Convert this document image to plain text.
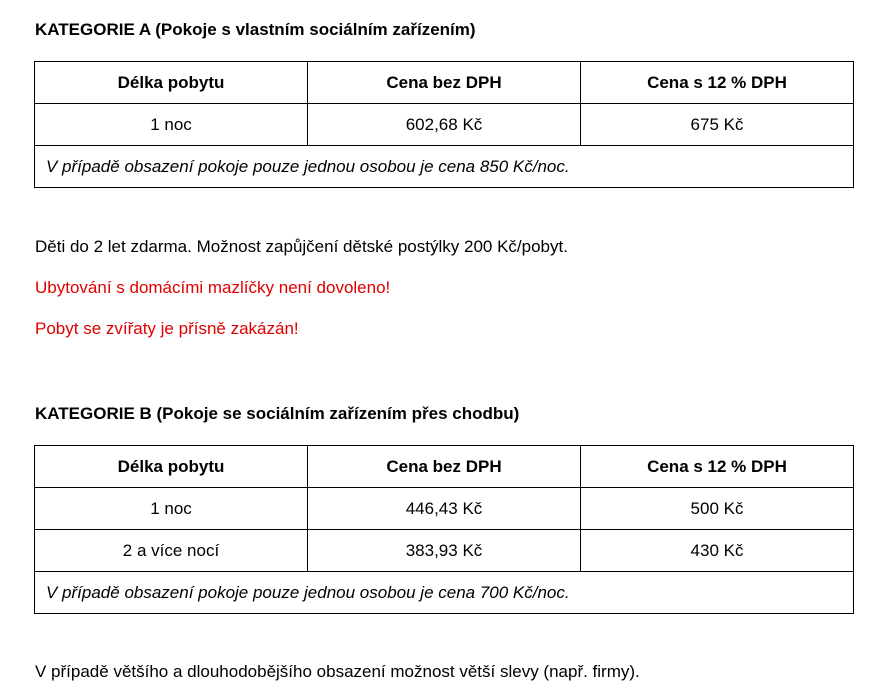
KATEGORIE A (Pokoje s vlastním sociálním zařízením)
Délka pobytu	Cena bez DPH	Cena s 12 % DPH
1 noc	602,68 Kč	675 Kč
V případě obsazení pokoje pouze jednou osobou je cena 850 Kč/noc.		
Děti do 2 let zdarma. Možnost zapůjčení dětské postýlky 200 Kč/pobyt.
Ubytování s domácími mazlíčky není dovoleno!
Pobyt se zvířaty je přísně zakázán!
KATEGORIE B (Pokoje se sociálním zařízením přes chodbu)
Délka pobytu	Cena bez DPH	Cena s 12 % DPH
1 noc	446,43 Kč	500 Kč
2 a více nocí	383,93 Kč	430 Kč
V případě obsazení pokoje pouze jednou osobou je cena 700 Kč/noc.		
V případě většího a dlouhodobějšího obsazení možnost větší slevy (např. firmy).
